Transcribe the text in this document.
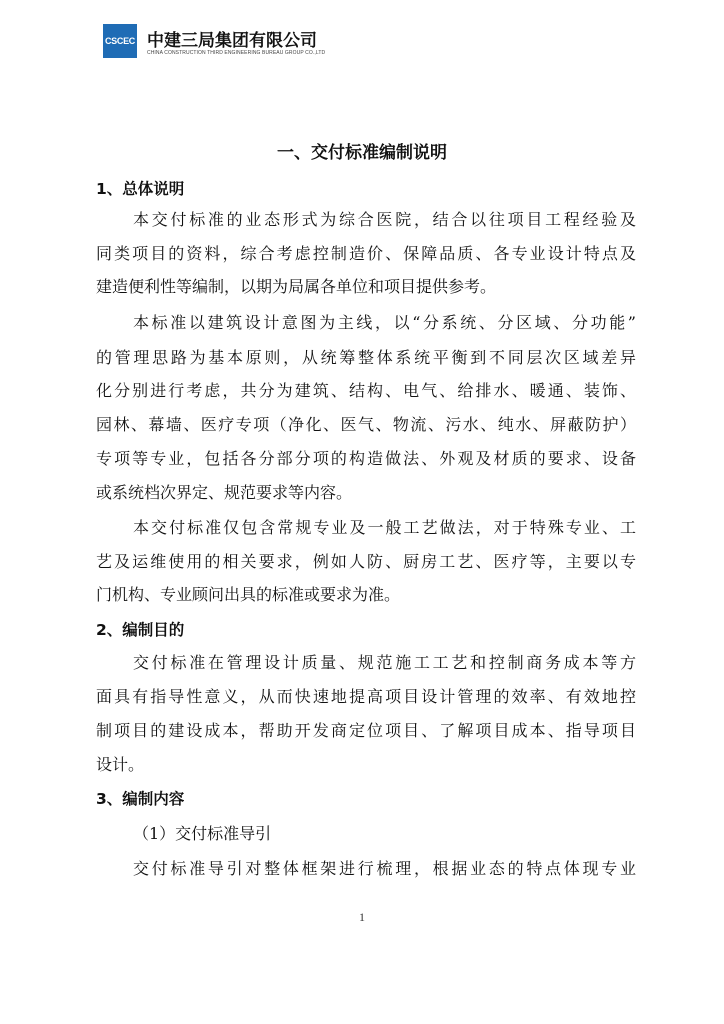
CSCEC 中建三局集团有限公司
CHINA CONSTRUCTION THIRD ENGINEERING BUREAU GROUP CO.,LTD
一、交付标准编制说明
1、总体说明
本交付标准的业态形式为综合医院，结合以往项目工程经验及
同类项目的资料，综合考虑控制造价、保障品质、各专业设计特点及
建造便利性等编制，以期为局属各单位和项目提供参考。
本标准以建筑设计意图为主线，以“分系统、分区域、分功能”
的管理思路为基本原则，从统筹整体系统平衡到不同层次区域差异
化分别进行考虑，共分为建筑、结构、电气、给排水、暖通、装饰、
园林、幕墙、医疗专项（净化、医气、物流、污水、纯水、屏蔽防护）
专项等专业，包括各分部分项的构造做法、外观及材质的要求、设备
或系统档次界定、规范要求等内容。
本交付标准仅包含常规专业及一般工艺做法，对于特殊专业、工
艺及运维使用的相关要求，例如人防、厨房工艺、医疗等，主要以专
门机构、专业顾问出具的标准或要求为准。
2、编制目的
交付标准在管理设计质量、规范施工工艺和控制商务成本等方
面具有指导性意义，从而快速地提高项目设计管理的效率、有效地控
制项目的建设成本，帮助开发商定位项目、了解项目成本、指导项目
设计。
3、编制内容
（1）交付标准导引
交付标准导引对整体框架进行梳理，根据业态的特点体现专业
1
